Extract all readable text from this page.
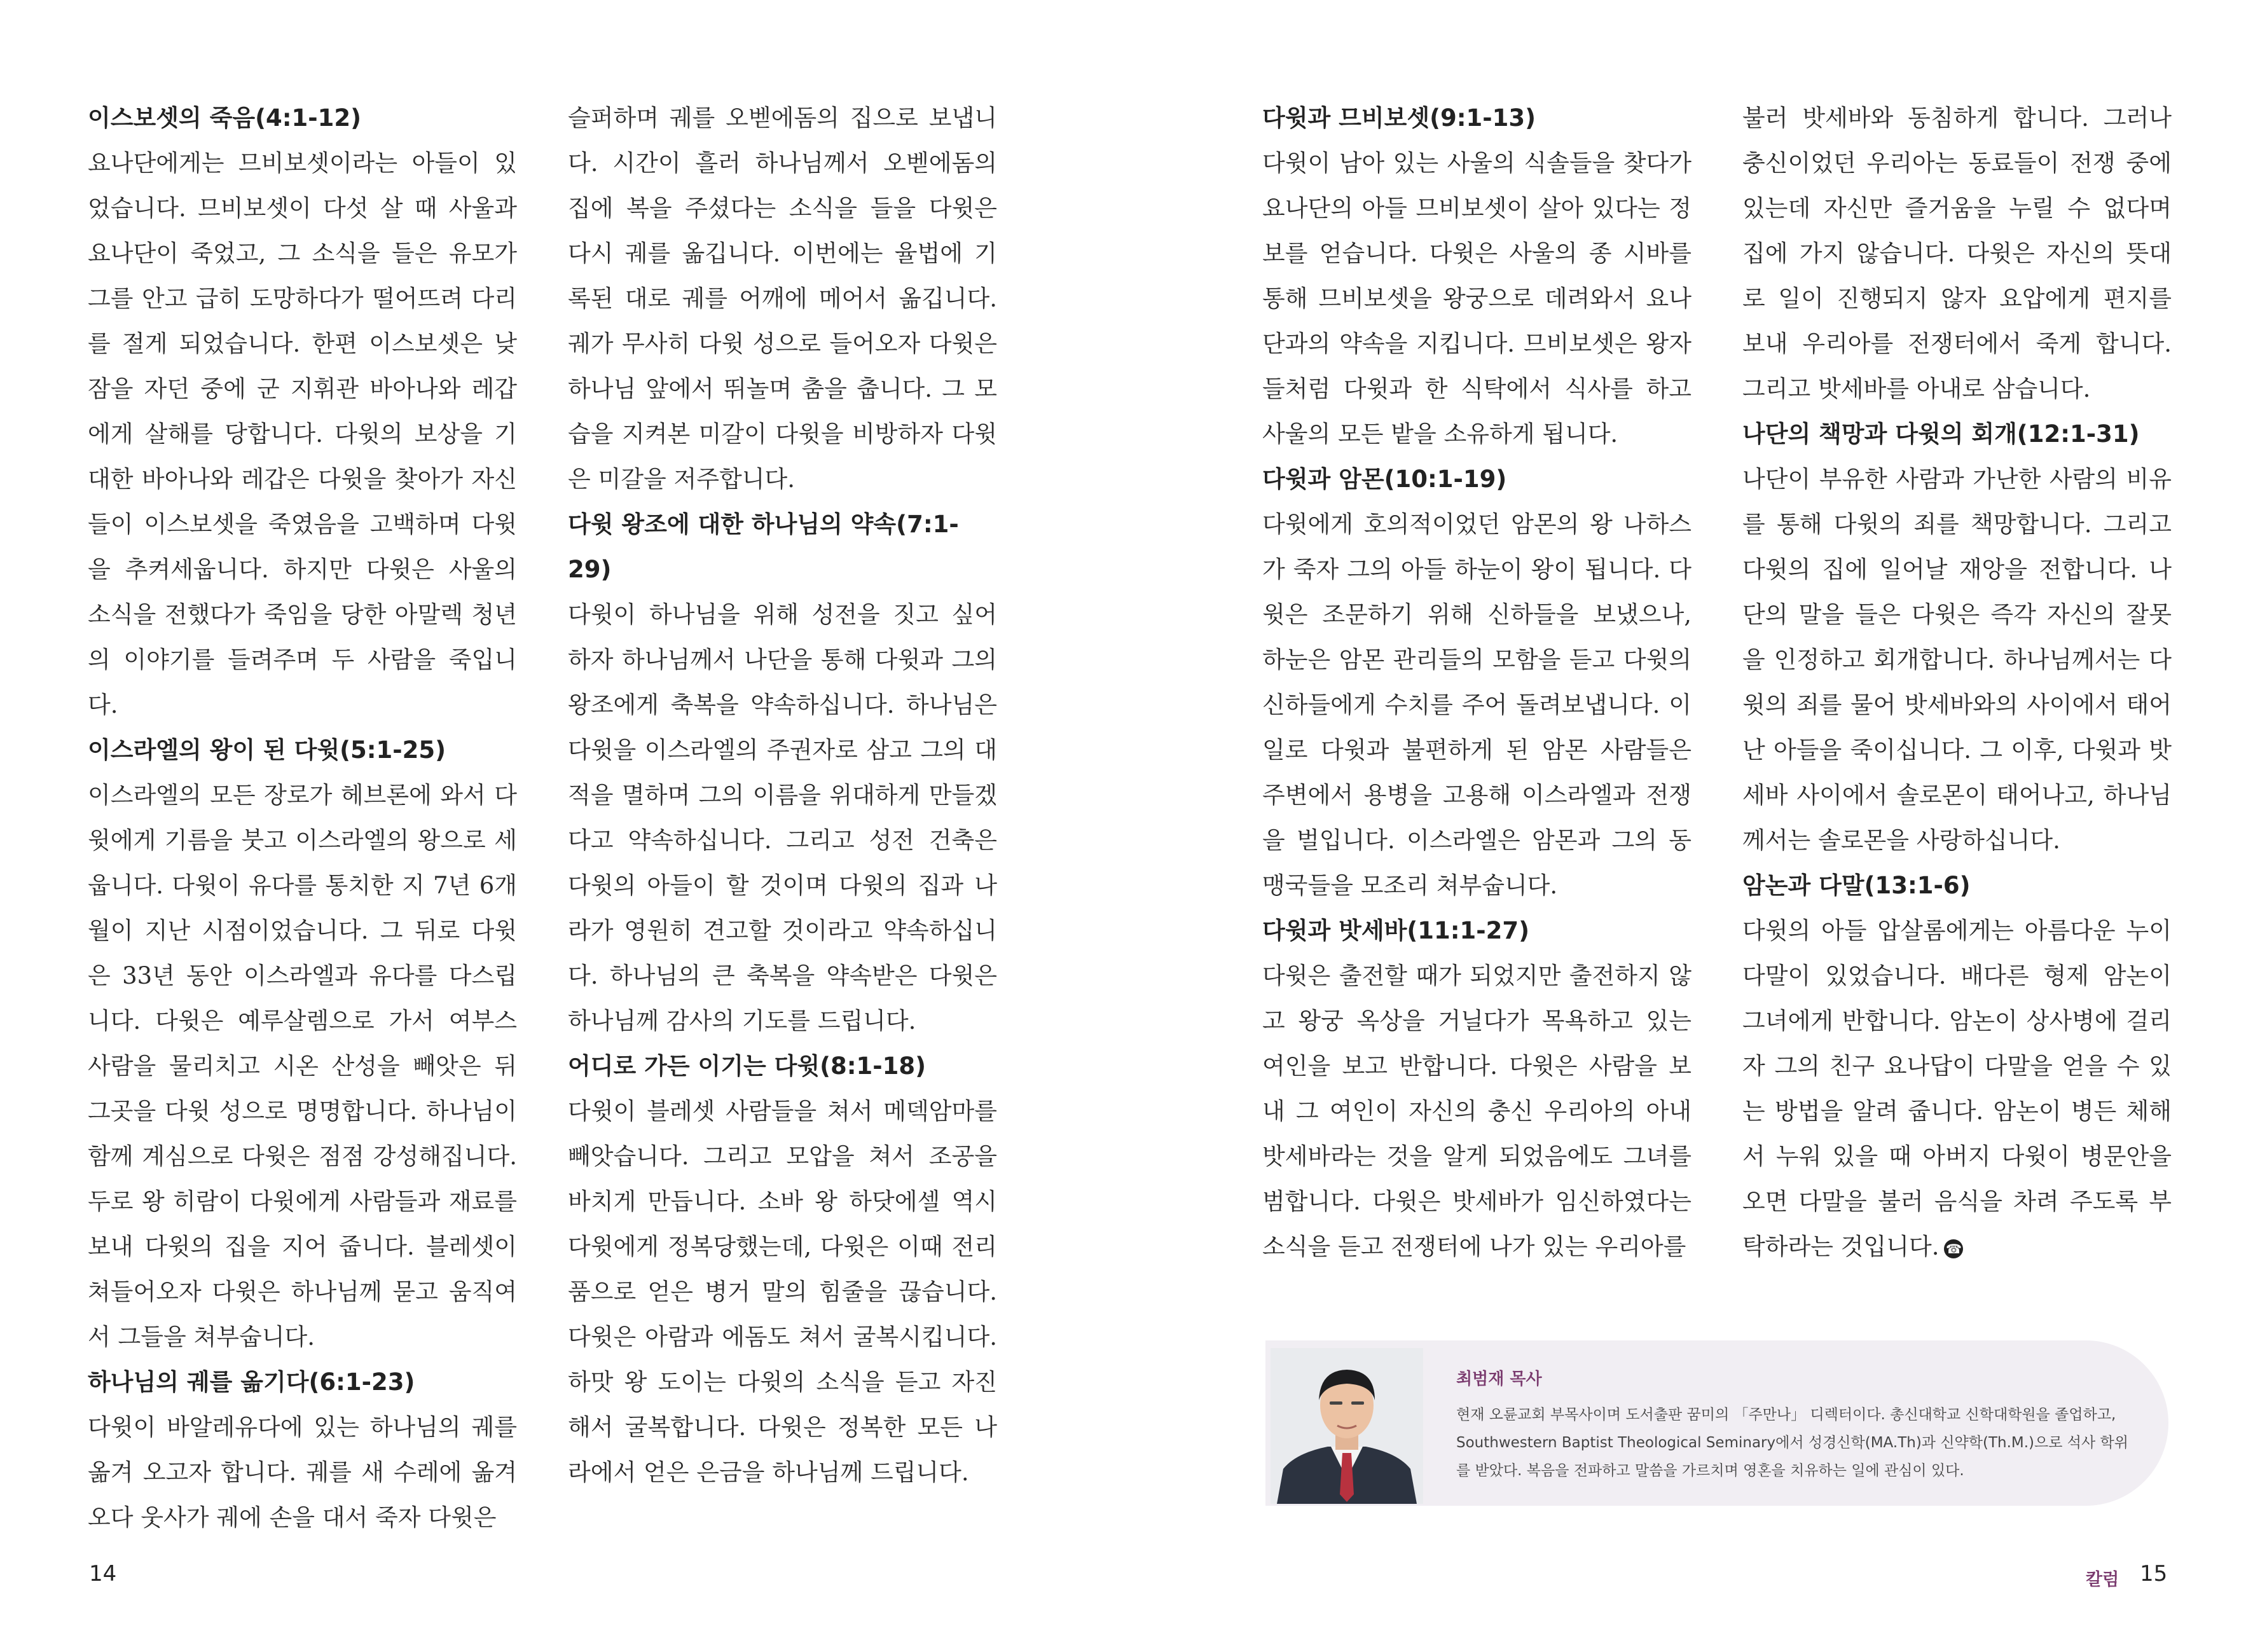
이스보셋의 죽음(4:1-12)

요나단에게는 므비보셋이라는 아들이 있었습니다. 므비보셋이 다섯 살 때 사울과 요나단이 죽었고, 그 소식을 들은 유모가 그를 안고 급히 도망하다가 떨어뜨려 다리를 절게 되었습니다. 한편 이스보셋은 낮잠을 자던 중에 군 지휘관 바아나와 레갑에게 살해를 당합니다. 다윗의 보상을 기대한 바아나와 레갑은 다윗을 찾아가 자신들이 이스보셋을 죽였음을 고백하며 다윗을 추켜세웁니다. 하지만 다윗은 사울의 소식을 전했다가 죽임을 당한 아말렉 청년의 이야기를 들려주며 두 사람을 죽입니다.

이스라엘의 왕이 된 다윗(5:1-25)

이스라엘의 모든 장로가 헤브론에 와서 다윗에게 기름을 붓고 이스라엘의 왕으로 세웁니다. 다윗이 유다를 통치한 지 7년 6개월이 지난 시점이었습니다. 그 뒤로 다윗은 33년 동안 이스라엘과 유다를 다스립니다. 다윗은 예루살렘으로 가서 여부스 사람을 물리치고 시온 산성을 빼앗은 뒤 그곳을 다윗 성으로 명명합니다. 하나님이 함께 계심으로 다윗은 점점 강성해집니다. 두로 왕 히람이 다윗에게 사람들과 재료를 보내 다윗의 집을 지어 줍니다. 블레셋이 쳐들어오자 다윗은 하나님께 묻고 움직여서 그들을 쳐부숩니다.

하나님의 궤를 옮기다(6:1-23)

다윗이 바알레유다에 있는 하나님의 궤를 옮겨 오고자 합니다. 궤를 새 수레에 옮겨 오다 웃사가 궤에 손을 대서 죽자 다윗은

슬퍼하며 궤를 오벧에돔의 집으로 보냅니다. 시간이 흘러 하나님께서 오벧에돔의 집에 복을 주셨다는 소식을 들을 다윗은 다시 궤를 옮깁니다. 이번에는 율법에 기록된 대로 궤를 어깨에 메어서 옮깁니다. 궤가 무사히 다윗 성으로 들어오자 다윗은 하나님 앞에서 뛰놀며 춤을 춥니다. 그 모습을 지켜본 미갈이 다윗을 비방하자 다윗은 미갈을 저주합니다.

다윗 왕조에 대한 하나님의 약속(7:1-29)

다윗이 하나님을 위해 성전을 짓고 싶어 하자 하나님께서 나단을 통해 다윗과 그의 왕조에게 축복을 약속하십니다. 하나님은 다윗을 이스라엘의 주권자로 삼고 그의 대적을 멸하며 그의 이름을 위대하게 만들겠다고 약속하십니다. 그리고 성전 건축은 다윗의 아들이 할 것이며 다윗의 집과 나라가 영원히 견고할 것이라고 약속하십니다. 하나님의 큰 축복을 약속받은 다윗은 하나님께 감사의 기도를 드립니다.

어디로 가든 이기는 다윗(8:1-18)

다윗이 블레셋 사람들을 쳐서 메덱암마를 빼앗습니다. 그리고 모압을 쳐서 조공을 바치게 만듭니다. 소바 왕 하닷에셀 역시 다윗에게 정복당했는데, 다윗은 이때 전리품으로 얻은 병거 말의 힘줄을 끊습니다. 다윗은 아람과 에돔도 쳐서 굴복시킵니다. 하맛 왕 도이는 다윗의 소식을 듣고 자진해서 굴복합니다. 다윗은 정복한 모든 나라에서 얻은 은금을 하나님께 드립니다.

다윗과 므비보셋(9:1-13)

다윗이 남아 있는 사울의 식솔들을 찾다가 요나단의 아들 므비보셋이 살아 있다는 정보를 얻습니다. 다윗은 사울의 종 시바를 통해 므비보셋을 왕궁으로 데려와서 요나단과의 약속을 지킵니다. 므비보셋은 왕자들처럼 다윗과 한 식탁에서 식사를 하고 사울의 모든 밭을 소유하게 됩니다.

다윗과 암몬(10:1-19)

다윗에게 호의적이었던 암몬의 왕 나하스가 죽자 그의 아들 하눈이 왕이 됩니다. 다윗은 조문하기 위해 신하들을 보냈으나, 하눈은 암몬 관리들의 모함을 듣고 다윗의 신하들에게 수치를 주어 돌려보냅니다. 이 일로 다윗과 불편하게 된 암몬 사람들은 주변에서 용병을 고용해 이스라엘과 전쟁을 벌입니다. 이스라엘은 암몬과 그의 동맹국들을 모조리 쳐부숩니다.

다윗과 밧세바(11:1-27)

다윗은 출전할 때가 되었지만 출전하지 않고 왕궁 옥상을 거닐다가 목욕하고 있는 여인을 보고 반합니다. 다윗은 사람을 보내 그 여인이 자신의 충신 우리아의 아내 밧세바라는 것을 알게 되었음에도 그녀를 범합니다. 다윗은 밧세바가 임신하였다는 소식을 듣고 전쟁터에 나가 있는 우리아를

불러 밧세바와 동침하게 합니다. 그러나 충신이었던 우리아는 동료들이 전쟁 중에 있는데 자신만 즐거움을 누릴 수 없다며 집에 가지 않습니다. 다윗은 자신의 뜻대로 일이 진행되지 않자 요압에게 편지를 보내 우리아를 전쟁터에서 죽게 합니다. 그리고 밧세바를 아내로 삼습니다.

나단의 책망과 다윗의 회개(12:1-31)

나단이 부유한 사람과 가난한 사람의 비유를 통해 다윗의 죄를 책망합니다. 그리고 다윗의 집에 일어날 재앙을 전합니다. 나단의 말을 들은 다윗은 즉각 자신의 잘못을 인정하고 회개합니다. 하나님께서는 다윗의 죄를 물어 밧세바와의 사이에서 태어난 아들을 죽이십니다. 그 이후, 다윗과 밧세바 사이에서 솔로몬이 태어나고, 하나님께서는 솔로몬을 사랑하십니다.

암논과 다말(13:1-6)

다윗의 아들 압살롬에게는 아름다운 누이 다말이 있었습니다. 배다른 형제 암논이 그녀에게 반합니다. 암논이 상사병에 걸리자 그의 친구 요나답이 다말을 얻을 수 있는 방법을 알려 줍니다. 암논이 병든 체해서 누워 있을 때 아버지 다윗이 병문안을 오면 다말을 불러 음식을 차려 주도록 부탁하라는 것입니다. ☎

최범재 목사

현재 오륜교회 부목사이며 도서출판 꿈미의 「주만나」 디렉터이다. 총신대학교 신학대학원을 졸업하고, Southwestern Baptist Theological Seminary에서 성경신학(MA.Th)과 신약학(Th.M.)으로 석사 학위를 받았다. 복음을 전파하고 말씀을 가르치며 영혼을 치유하는 일에 관심이 있다.

14	칼럼 15
